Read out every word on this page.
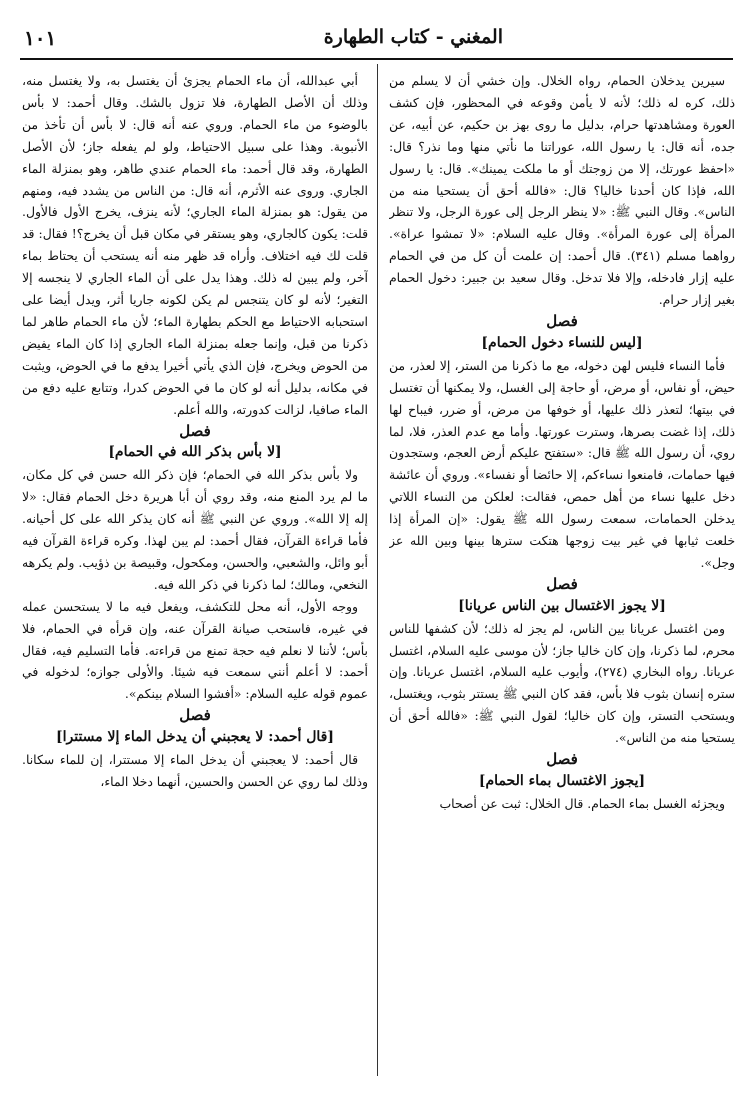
المغني - كتاب الطهارة
١٠١

سيرين يدخلان الحمام، رواه الخلال. وإن خشي أن لا يسلم من ذلك، كره له ذلك؛ لأنه لا يأمن وقوعه في المحظور، فإن كشف العورة ومشاهدتها حرام، بدليل ما روى بهز بن حكيم، عن أبيه، عن جده، أنه قال: يا رسول الله، عوراتنا ما نأتي منها وما نذر؟ قال: «احفظ عورتك، إلا من زوجتك أو ما ملكت يمينك». قال: يا رسول الله، فإذا كان أحدنا خاليا؟ قال: «فالله أحق أن يستحيا منه من الناس». وقال النبي ﷺ: «لا ينظر الرجل إلى عورة الرجل، ولا تنظر المرأة إلى عورة المرأة». وقال عليه السلام: «لا تمشوا عراة». رواهما مسلم (٣٤١). قال أحمد: إن علمت أن كل من في الحمام عليه إزار فادخله، وإلا فلا تدخل. وقال سعيد بن جبير: دخول الحمام بغير إزار حرام.

فصل

[ليس للنساء دخول الحمام]

فأما النساء فليس لهن دخوله، مع ما ذكرنا من الستر، إلا لعذر، من حيض، أو نفاس، أو مرض، أو حاجة إلى الغسل، ولا يمكنها أن تغتسل في بيتها؛ لتعذر ذلك عليها، أو خوفها من مرض، أو ضرر، فيباح لها ذلك، إذا غضت بصرها، وسترت عورتها. وأما مع عدم العذر، فلا، لما روي، أن رسول الله ﷺ قال: «ستفتح عليكم أرض العجم، وستجدون فيها حمامات، فامنعوا نساءكم، إلا حائضا أو نفساء». وروي أن عائشة دخل عليها نساء من أهل حمص، فقالت: لعلكن من النساء اللاتي يدخلن الحمامات، سمعت رسول الله ﷺ يقول: «إن المرأة إذا خلعت ثيابها في غير بيت زوجها هتكت سترها بينها وبين الله عز وجل».

فصل

[لا يجوز الاغتسال بين الناس عريانا]

ومن اغتسل عريانا بين الناس، لم يجز له ذلك؛ لأن كشفها للناس محرم، لما ذكرنا، وإن كان خاليا جاز؛ لأن موسى عليه السلام، اغتسل عريانا. رواه البخاري (٢٧٤)، وأيوب عليه السلام، اغتسل عريانا. وإن ستره إنسان بثوب فلا بأس، فقد كان النبي ﷺ يستتر بثوب، ويغتسل، ويستحب التستر، وإن كان خاليا؛ لقول النبي ﷺ: «فالله أحق أن يستحيا منه من الناس».

فصل

[يجوز الاغتسال بماء الحمام]

ويجزئه الغسل بماء الحمام. قال الخلال: ثبت عن أصحاب

أبي عبدالله، أن ماء الحمام يجزئ أن يغتسل به، ولا يغتسل منه، وذلك أن الأصل الطهارة، فلا تزول بالشك. وقال أحمد: لا بأس بالوضوء من ماء الحمام. وروي عنه أنه قال: لا بأس أن تأخذ من الأنبوبة. وهذا على سبيل الاحتياط، ولو لم يفعله جاز؛ لأن الأصل الطهارة، وقد قال أحمد: ماء الحمام عندي طاهر، وهو بمنزلة الماء الجاري. وروى عنه الأثرم، أنه قال: من الناس من يشدد فيه، ومنهم من يقول: هو بمنزلة الماء الجاري؛ لأنه ينزف، يخرج الأول فالأول. قلت: يكون كالجاري، وهو يستقر في مكان قبل أن يخرج؟! فقال: قد قلت لك فيه اختلاف. وأراه قد ظهر منه أنه يستحب أن يحتاط بماء آخر، ولم يبين له ذلك. وهذا يدل على أن الماء الجاري لا ينجسه إلا التغير؛ لأنه لو كان يتنجس لم يكن لكونه جاريا أثر، ويدل أيضا على استحبابه الاحتياط مع الحكم بطهارة الماء؛ لأن ماء الحمام طاهر لما ذكرنا من قبل، وإنما جعله بمنزلة الماء الجاري إذا كان الماء يفيض من الحوض ويخرج، فإن الذي يأتي أخيرا يدفع ما في الحوض، ويثبت في مكانه، بدليل أنه لو كان ما في الحوض كدرا، وتتابع عليه دفع من الماء صافيا، لزالت كدورته، والله أعلم.

فصل

[لا بأس بذكر الله في الحمام]

ولا بأس بذكر الله في الحمام؛ فإن ذكر الله حسن في كل مكان، ما لم يرد المنع منه، وقد روي أن أبا هريرة دخل الحمام فقال: «لا إله إلا الله». وروي عن النبي ﷺ أنه كان يذكر الله على كل أحيانه. فأما قراءة القرآن، فقال أحمد: لم يبن لهذا. وكره قراءة القرآن فيه أبو وائل، والشعبي، والحسن، ومكحول، وقبيصة بن ذؤيب. ولم يكرهه النخعي، ومالك؛ لما ذكرنا في ذكر الله فيه.

ووجه الأول، أنه محل للتكشف، ويفعل فيه ما لا يستحسن عمله في غيره، فاستحب صيانة القرآن عنه، وإن قرأه في الحمام، فلا بأس؛ لأننا لا نعلم فيه حجة تمنع من قراءته. فأما التسليم فيه، فقال أحمد: لا أعلم أنني سمعت فيه شيئا. والأولى جوازه؛ لدخوله في عموم قوله عليه السلام: «أفشوا السلام بينكم».

فصل

[قال أحمد: لا يعجبني أن يدخل الماء إلا مستترا]

قال أحمد: لا يعجبني أن يدخل الماء إلا مستترا، إن للماء سكانا. وذلك لما روي عن الحسن والحسين، أنهما دخلا الماء،
